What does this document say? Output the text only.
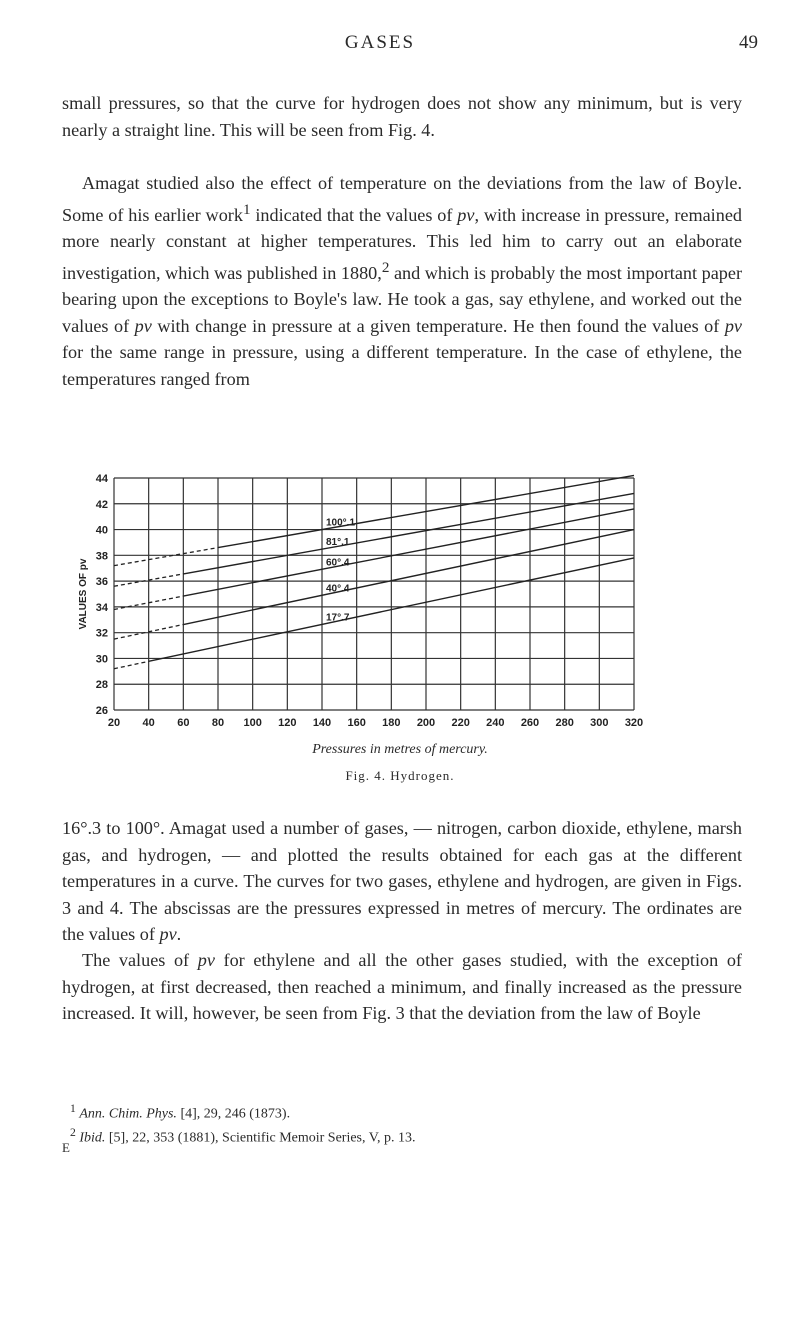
GASES	49

small pressures, so that the curve for hydrogen does not show any minimum, but is very nearly a straight line. This will be seen from Fig. 4.

Amagat studied also the effect of temperature on the deviations from the law of Boyle. Some of his earlier work$^1$ indicated that the values of pv, with increase in pressure, remained more nearly constant at higher temperatures. This led him to carry out an elaborate investigation, which was published in 1880,$^2$ and which is probably the most important paper bearing upon the exceptions to Boyle's law. He took a gas, say ethylene, and worked out the values of pv with change in pressure at a given temperature. He then found the values of pv for the same range in pressure, using a different temperature. In the case of ethylene, the temperatures ranged from

20 40 60 80 100 120 140 160 180 200 220 240 260 280 300 320
26
28
30
32
34
36
38
40
42
44
VALUES OF pv	17°.7
40°.4
60°.4
81°.1
100°.1
Pressures in metres of mercury.
Fig. 4. Hydrogen.

16°.3 to 100°. Amagat used a number of gases, — nitrogen, carbon dioxide, ethylene, marsh gas, and hydrogen, — and plotted the results obtained for each gas at the different temperatures in a curve. The curves for two gases, ethylene and hydrogen, are given in Figs. 3 and 4. The abscissas are the pressures expressed in metres of mercury. The ordinates are the values of pv.

The values of pv for ethylene and all the other gases studied, with the exception of hydrogen, at first decreased, then reached a minimum, and finally increased as the pressure increased. It will, however, be seen from Fig. 3 that the deviation from the law of Boyle

$^1$ Ann. Chim. Phys. [4], 29, 246 (1873).

$^2$ Ibid. [5], 22, 353 (1881), Scientific Memoir Series, V, p. 13.

E
